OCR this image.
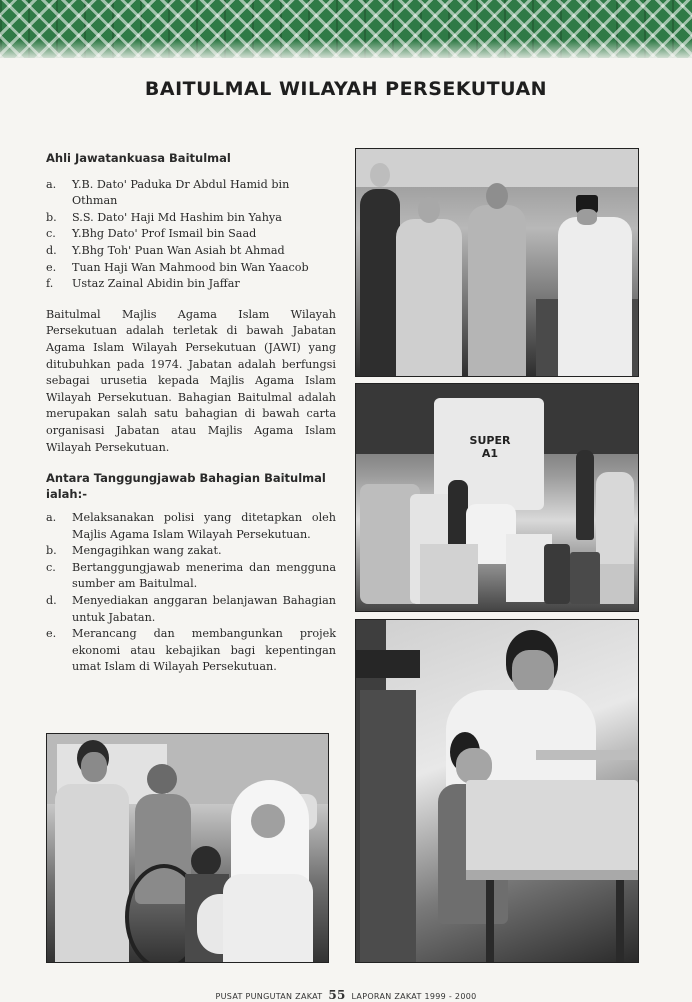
BAITULMAL WILAYAH PERSEKUTUAN
Ahli Jawatankuasa Baitulmal
a.	Y.B. Dato' Paduka Dr Abdul Hamid bin Othman
b.	S.S. Dato' Haji Md Hashim bin Yahya
c.	Y.Bhg Dato' Prof Ismail bin Saad
d.	Y.Bhg Toh' Puan Wan Asiah bt Ahmad
e.	Tuan Haji Wan Mahmood bin Wan Yaacob
f.	Ustaz Zainal Abidin bin Jaffar

Baitulmal Majlis Agama Islam Wilayah Persekutuan adalah terletak di bawah Jabatan Agama Islam Wilayah Persekutuan (JAWI) yang ditubuhkan pada 1974. Jabatan adalah berfungsi sebagai urusetia kepada Majlis Agama Islam Wilayah Persekutuan. Bahagian Baitulmal adalah merupakan salah satu bahagian di bawah carta organisasi Jabatan atau Majlis Agama Islam Wilayah Persekutuan.

Antara Tanggungjawab Bahagian Baitulmal ialah:-
a.	Melaksanakan polisi yang ditetapkan oleh Majlis Agama Islam Wilayah Persekutuan.
b.	Mengagihkan wang zakat.
c.	Bertanggungjawab menerima dan mengguna sumber am Baitulmal.
d.	Menyediakan anggaran belanjawan Bahagian untuk Jabatan.
e.	Merancang dan membangunkan projek ekonomi atau kebajikan bagi kepentingan umat Islam di Wilayah Persekutuan.
SUPER A1
PUSAT PUNGUTAN ZAKAT 55 LAPORAN ZAKAT 1999 - 2000
